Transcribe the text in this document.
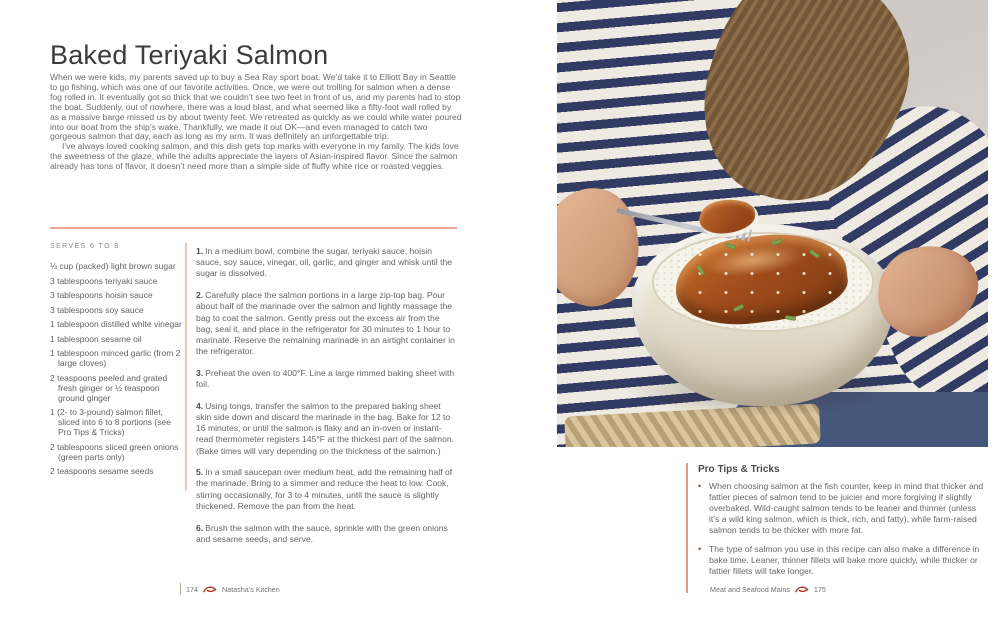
Baked Teriyaki Salmon

When we were kids, my parents saved up to buy a Sea Ray sport boat. We’d take it to Elliott Bay in Seattle to go fishing, which was one of our favorite activities. Once, we were out trolling for salmon when a dense fog rolled in. It eventually got so thick that we couldn’t see two feet in front of us, and my parents had to stop the boat. Suddenly, out of nowhere, there was a loud blast, and what seemed like a fifty-foot wall rolled by as a massive barge missed us by about twenty feet. We retreated as quickly as we could while water poured into our boat from the ship’s wake. Thankfully, we made it out OK—and even managed to catch two gorgeous salmon that day, each as long as my arm. It was definitely an unforgettable trip.

I’ve always loved cooking salmon, and this dish gets top marks with everyone in my family. The kids love the sweetness of the glaze, while the adults appreciate the layers of Asian-inspired flavor. Since the salmon already has tons of flavor, it doesn’t need more than a simple side of fluffy white rice or roasted veggies.

SERVES 6 TO 8
⅓ cup (packed) light brown sugar
3 tablespoons teriyaki sauce
3 tablespoons hoisin sauce
3 tablespoons soy sauce
1 tablespoon distilled white vinegar
1 tablespoon sesame oil
1 tablespoon minced garlic (from 2 large cloves)
2 teaspoons peeled and grated fresh ginger or ½ teaspoon ground ginger
1 (2- to 3-pound) salmon fillet, sliced into 6 to 8 portions (see Pro Tips & Tricks)
2 tablespoons sliced green onions (green parts only)
2 teaspoons sesame seeds

1. In a medium bowl, combine the sugar, teriyaki sauce, hoisin sauce, soy sauce, vinegar, oil, garlic, and ginger and whisk until the sugar is dissolved.

2. Carefully place the salmon portions in a large zip-top bag. Pour about half of the marinade over the salmon and lightly massage the bag to coat the salmon. Gently press out the excess air from the bag, seal it, and place in the refrigerator for 30 minutes to 1 hour to marinate. Reserve the remaining marinade in an airtight container in the refrigerator.

3. Preheat the oven to 400°F. Line a large rimmed baking sheet with foil.

4. Using tongs, transfer the salmon to the prepared baking sheet skin side down and discard the marinade in the bag. Bake for 12 to 16 minutes, or until the salmon is flaky and an in-oven or instant-read thermometer registers 145°F at the thickest part of the salmon. (Bake times will vary depending on the thickness of the salmon.)

5. In a small saucepan over medium heat, add the remaining half of the marinade. Bring to a simmer and reduce the heat to low. Cook, stirring occasionally, for 3 to 4 minutes, until the sauce is slightly thickened. Remove the pan from the heat.

6. Brush the salmon with the sauce, sprinkle with the green onions and sesame seeds, and serve.

174	Natasha’s Kitchen
Pro Tips & Tricks
• When choosing salmon at the fish counter, keep in mind that thicker and fattier pieces of salmon tend to be juicier and more forgiving if slightly overbaked. Wild-caught salmon tends to be leaner and thinner (unless it’s a wild king salmon, which is thick, rich, and fatty), while farm-raised salmon tends to be thicker with more fat.
• The type of salmon you use in this recipe can also make a difference in bake time. Leaner, thinner fillets will bake more quickly, while thicker or fattier fillets will take longer.
Meat and Seafood Mains	175
